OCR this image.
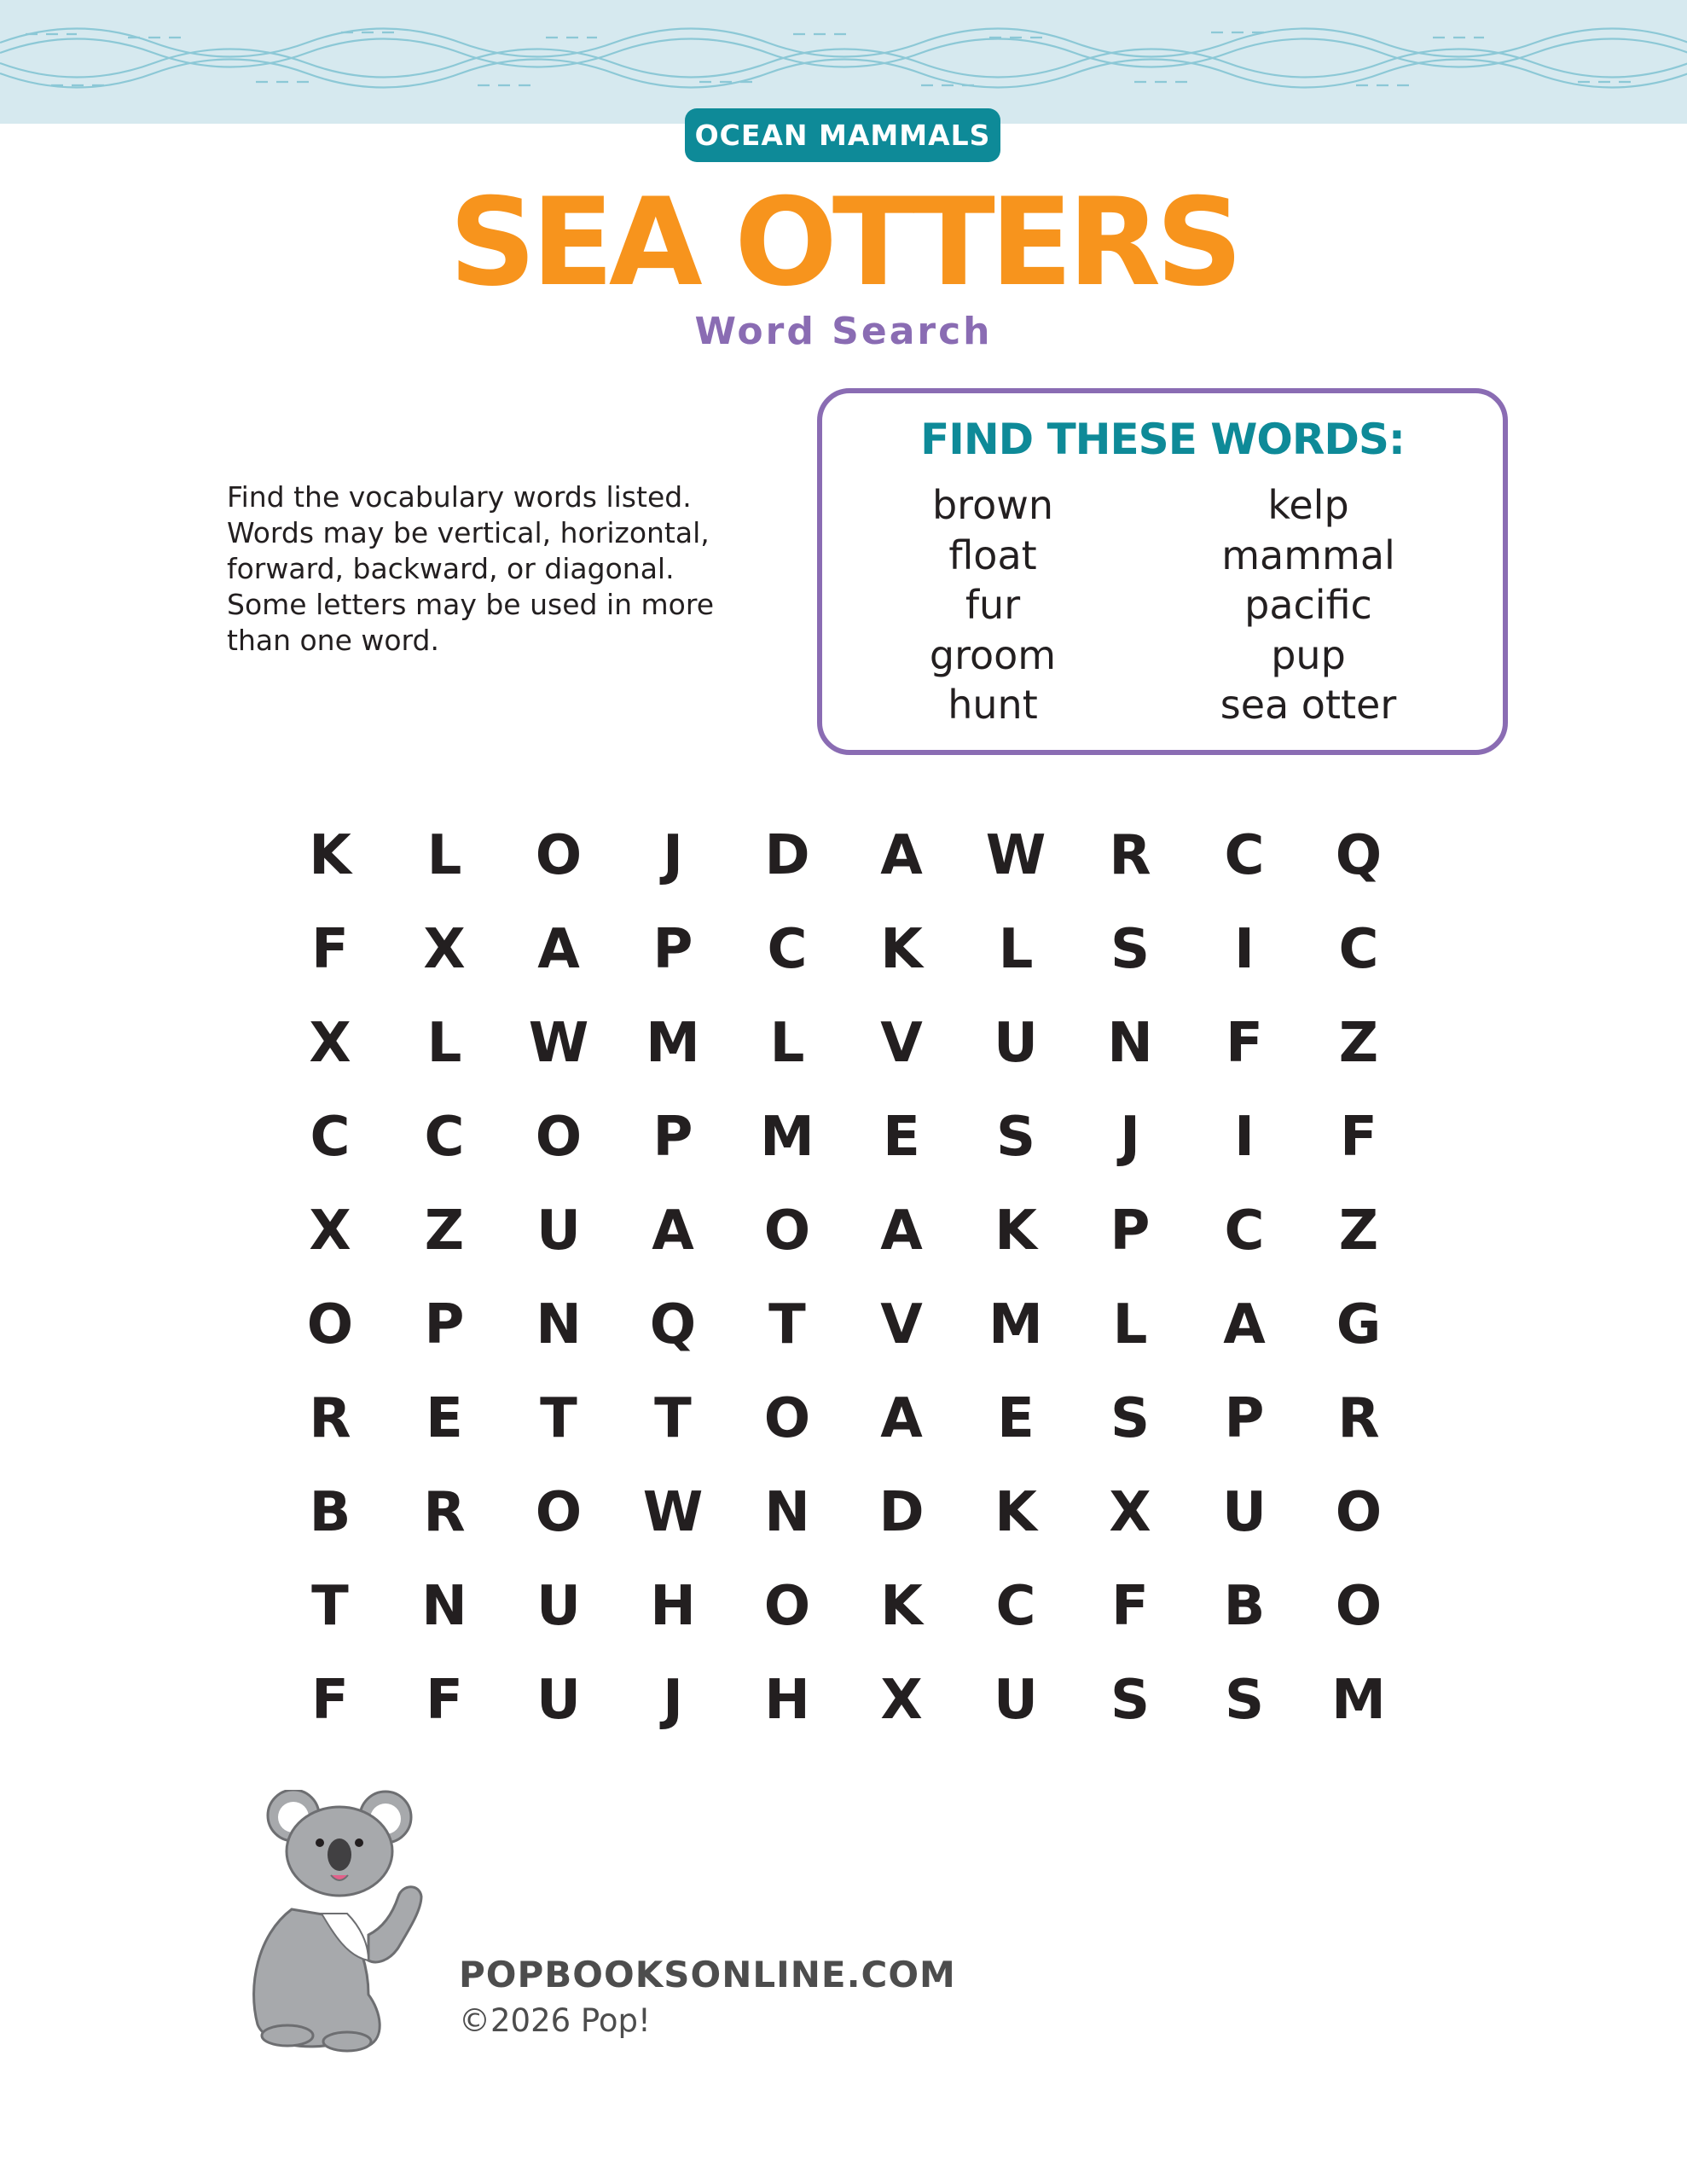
OCEAN MAMMALS
SEA OTTERS
Word Search
Find the vocabulary words listed.
Words may be vertical, horizontal,
forward, backward, or diagonal.
Some letters may be used in more
than one word.
FIND THESE WORDS:
brown
float
fur
groom
hunt
kelp
mammal
pacific
pup
sea otter
K	L	O	J	D	A	W	R	C	Q
F	X	A	P	C	K	L	S	I	C
X	L	W	M	L	V	U	N	F	Z
C	C	O	P	M	E	S	J	I	F
X	Z	U	A	O	A	K	P	C	Z
O	P	N	Q	T	V	M	L	A	G
R	E	T	T	O	A	E	S	P	R
B	R	O	W	N	D	K	X	U	O
T	N	U	H	O	K	C	F	B	O
F	F	U	J	H	X	U	S	S	M
POPBOOKSONLINE.COM
©2026 Pop!
